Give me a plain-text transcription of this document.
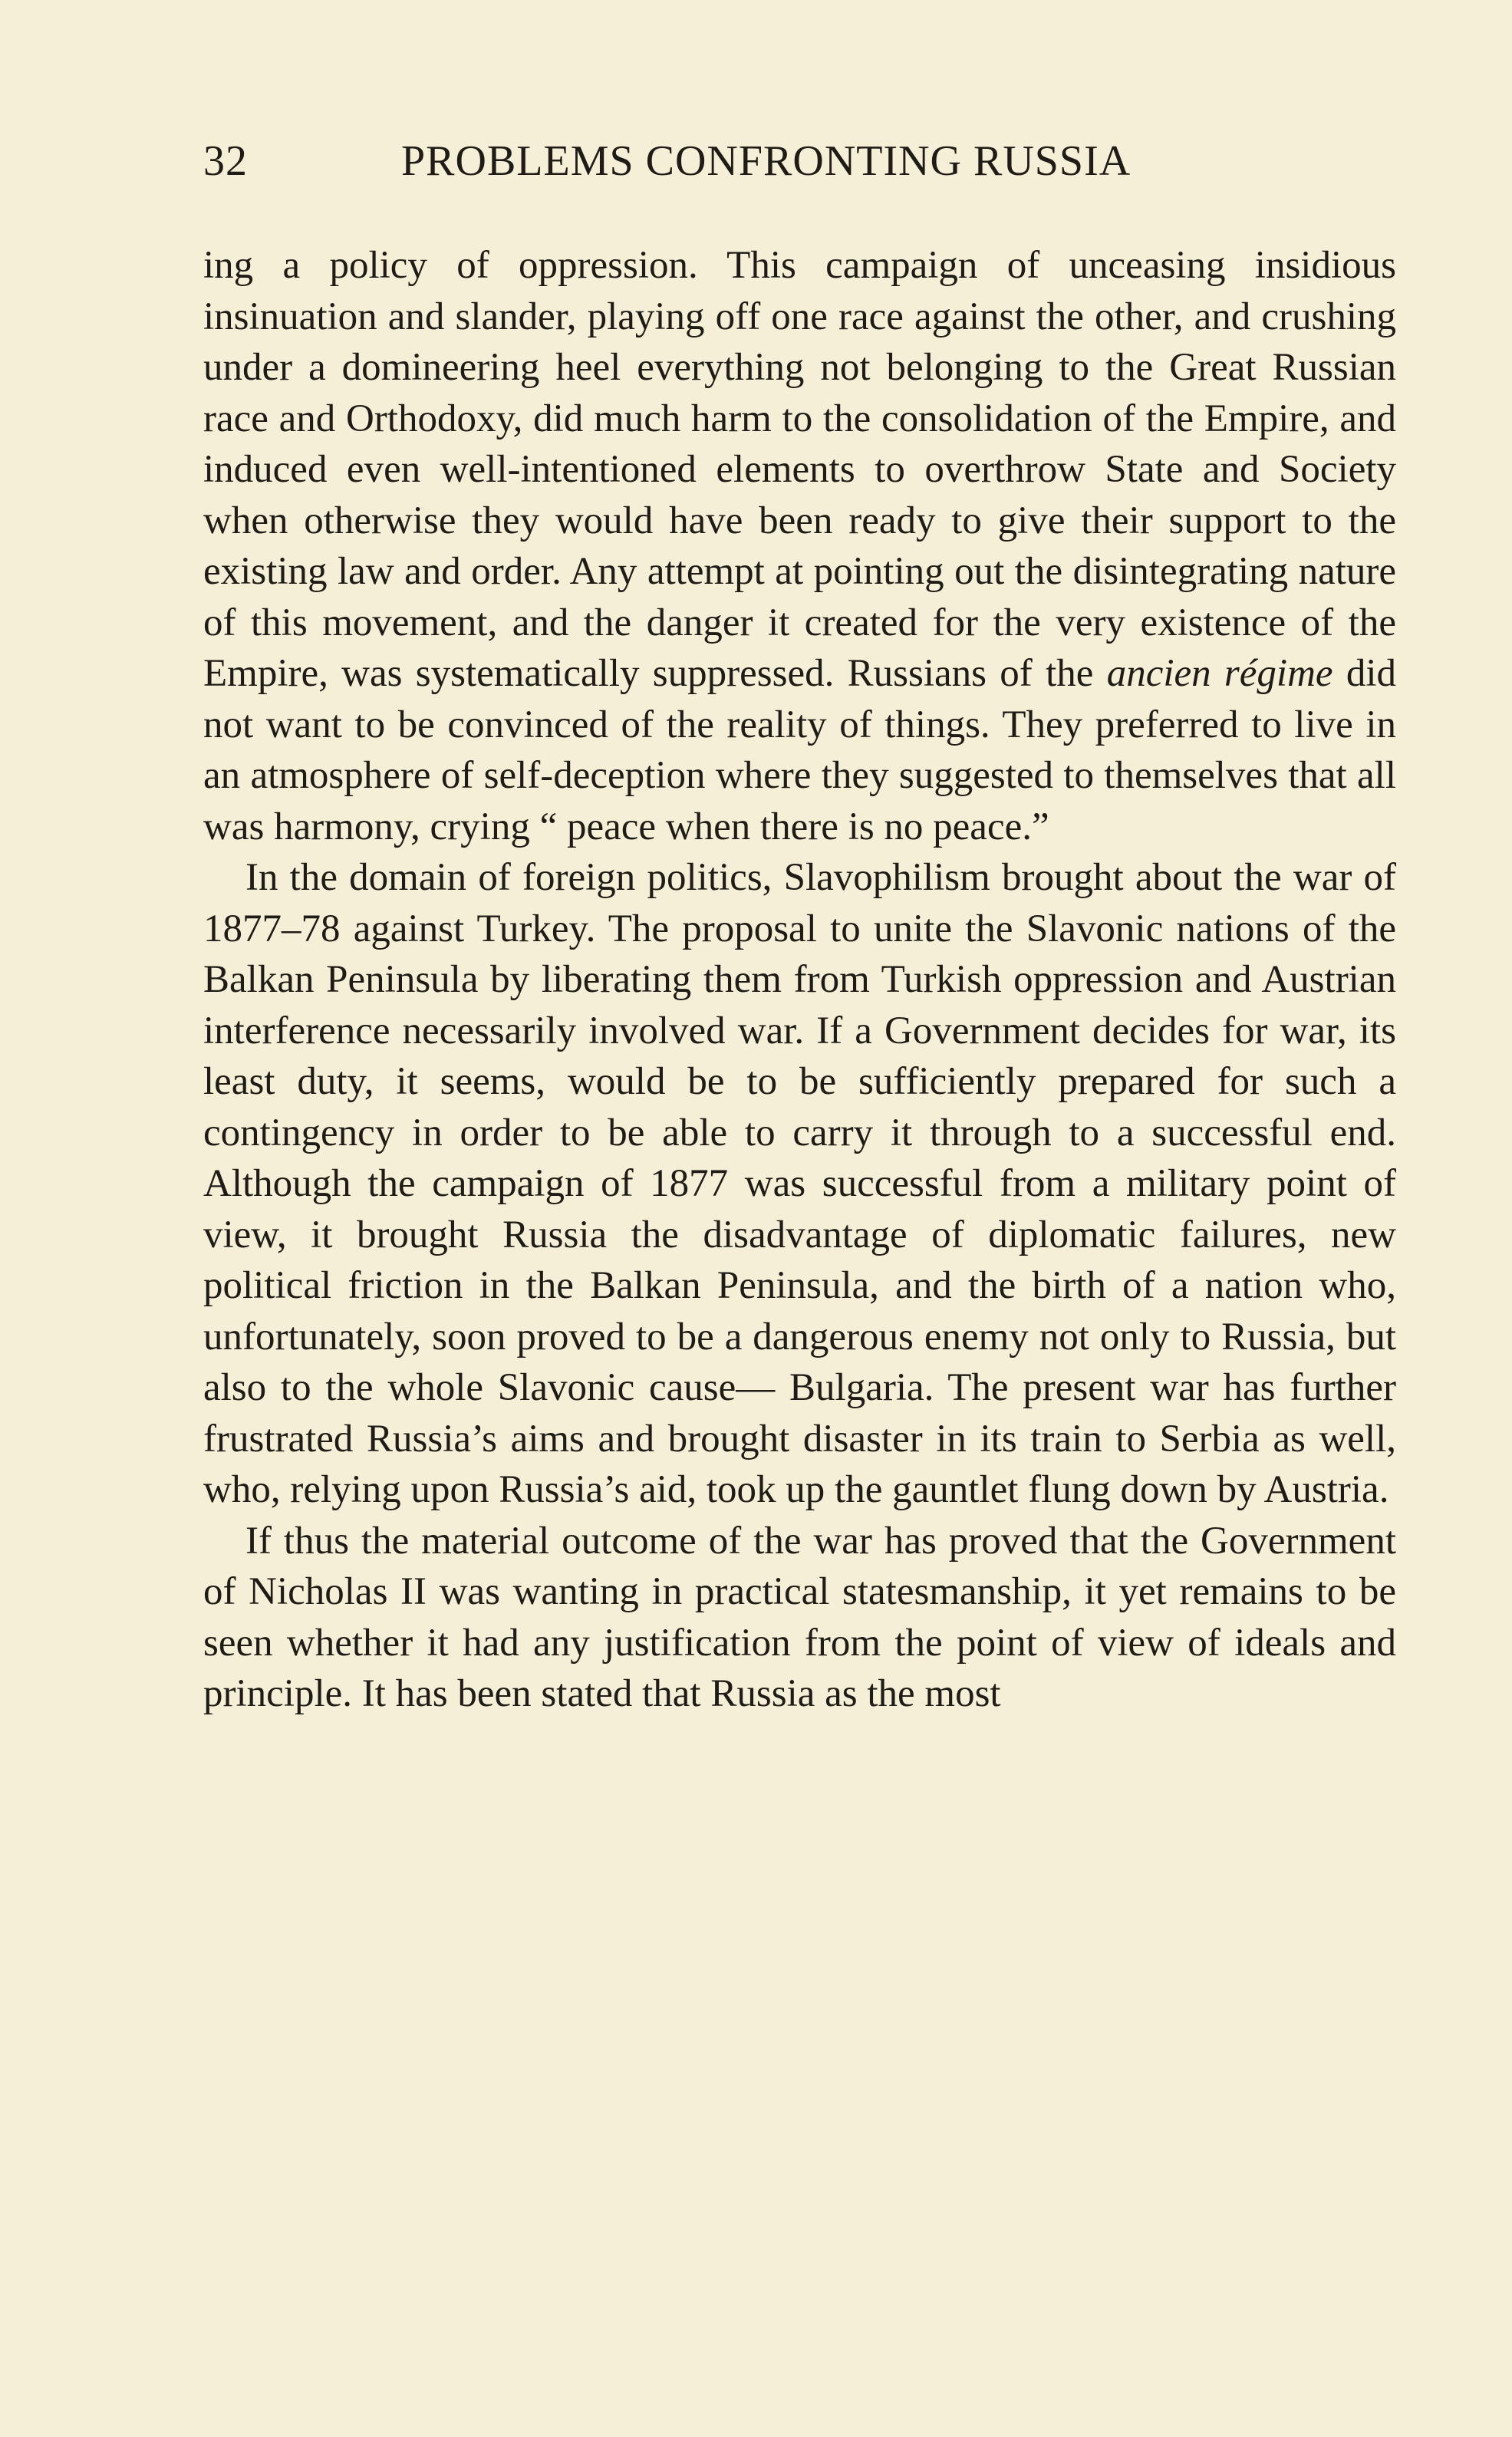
32	PROBLEMS CONFRONTING RUSSIA

ing a policy of oppression. This campaign of unceasing insidious insinuation and slander, playing off one race against the other, and crushing under a domineering heel everything not belonging to the Great Russian race and Orthodoxy, did much harm to the consolidation of the Empire, and induced even well-intentioned elements to overthrow State and Society when otherwise they would have been ready to give their support to the existing law and order. Any attempt at pointing out the disintegrating nature of this movement, and the danger it created for the very existence of the Empire, was systematically suppressed. Russians of the ancien régime did not want to be convinced of the reality of things. They preferred to live in an atmosphere of self-deception where they suggested to themselves that all was harmony, crying “ peace when there is no peace.”

In the domain of foreign politics, Slavophilism brought about the war of 1877–78 against Turkey. The proposal to unite the Slavonic nations of the Balkan Peninsula by liberating them from Turkish oppression and Austrian interference necessarily involved war. If a Government decides for war, its least duty, it seems, would be to be sufficiently prepared for such a contingency in order to be able to carry it through to a successful end. Although the campaign of 1877 was successful from a military point of view, it brought Russia the disadvantage of diplomatic failures, new political friction in the Balkan Peninsula, and the birth of a nation who, unfortunately, soon proved to be a dangerous enemy not only to Russia, but also to the whole Slavonic cause— Bulgaria. The present war has further frustrated Russia’s aims and brought disaster in its train to Serbia as well, who, relying upon Russia’s aid, took up the gauntlet flung down by Austria.

If thus the material outcome of the war has proved that the Government of Nicholas II was wanting in practical statesmanship, it yet remains to be seen whether it had any justification from the point of view of ideals and principle. It has been stated that Russia as the most
